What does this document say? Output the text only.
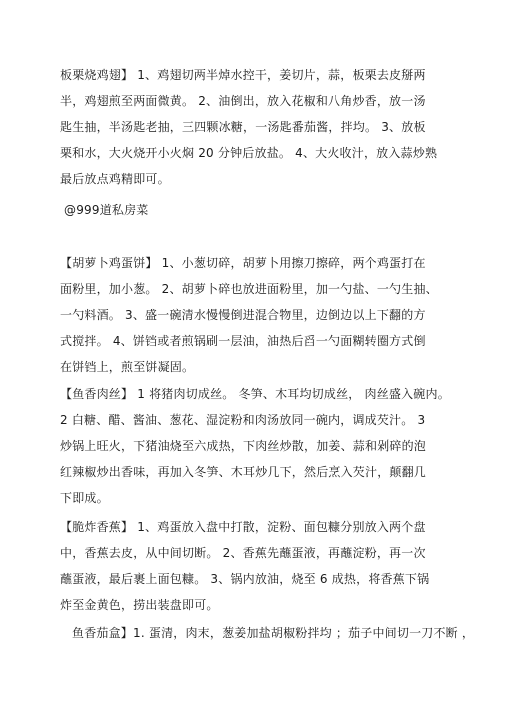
板栗烧鸡翅】 1、鸡翅切两半焯水控干，姜切片，蒜，板栗去皮掰两
半，鸡翅煎至两面微黄。 2、油倒出，放入花椒和八角炒香，放一汤
匙生抽，半汤匙老抽，三四颗冰糖，一汤匙番茄酱，拌均。 3、放板
栗和水，大火烧开小火焖 20 分钟后放盐。 4、大火收汁，放入蒜炒熟
最后放点鸡精即可。
@999道私房菜
【胡萝卜鸡蛋饼】 1、小葱切碎，胡萝卜用擦刀擦碎，两个鸡蛋打在
面粉里，加小葱。 2、胡萝卜碎也放进面粉里，加一勺盐、一勺生抽、
一勺料酒。 3、盛一碗清水慢慢倒进混合物里，边倒边以上下翻的方
式搅拌。 4、饼铛或者煎锅刷一层油，油热后舀一勺面糊转圈方式倒
在饼铛上，煎至饼凝固。
【鱼香肉丝】 1 将猪肉切成丝。 冬笋、木耳均切成丝， 肉丝盛入碗内。
2 白糖、醋、酱油、葱花、湿淀粉和肉汤放同一碗内，调成芡汁。 3
炒锅上旺火，下猪油烧至六成热，下肉丝炒散，加姜、蒜和剁碎的泡
红辣椒炒出香味，再加入冬笋、木耳炒几下，然后烹入芡汁，颠翻几
下即成。
【脆炸香蕉】 1、鸡蛋放入盘中打散，淀粉、面包糠分别放入两个盘
中，香蕉去皮，从中间切断。 2、香蕉先蘸蛋液，再蘸淀粉，再一次
蘸蛋液，最后裹上面包糠。 3、锅内放油，烧至 6 成热，将香蕉下锅
炸至金黄色，捞出装盘即可。
鱼香茄盒】1. 蛋清，肉末，葱姜加盐胡椒粉拌均 ；茄子中间切一刀不断 ，
